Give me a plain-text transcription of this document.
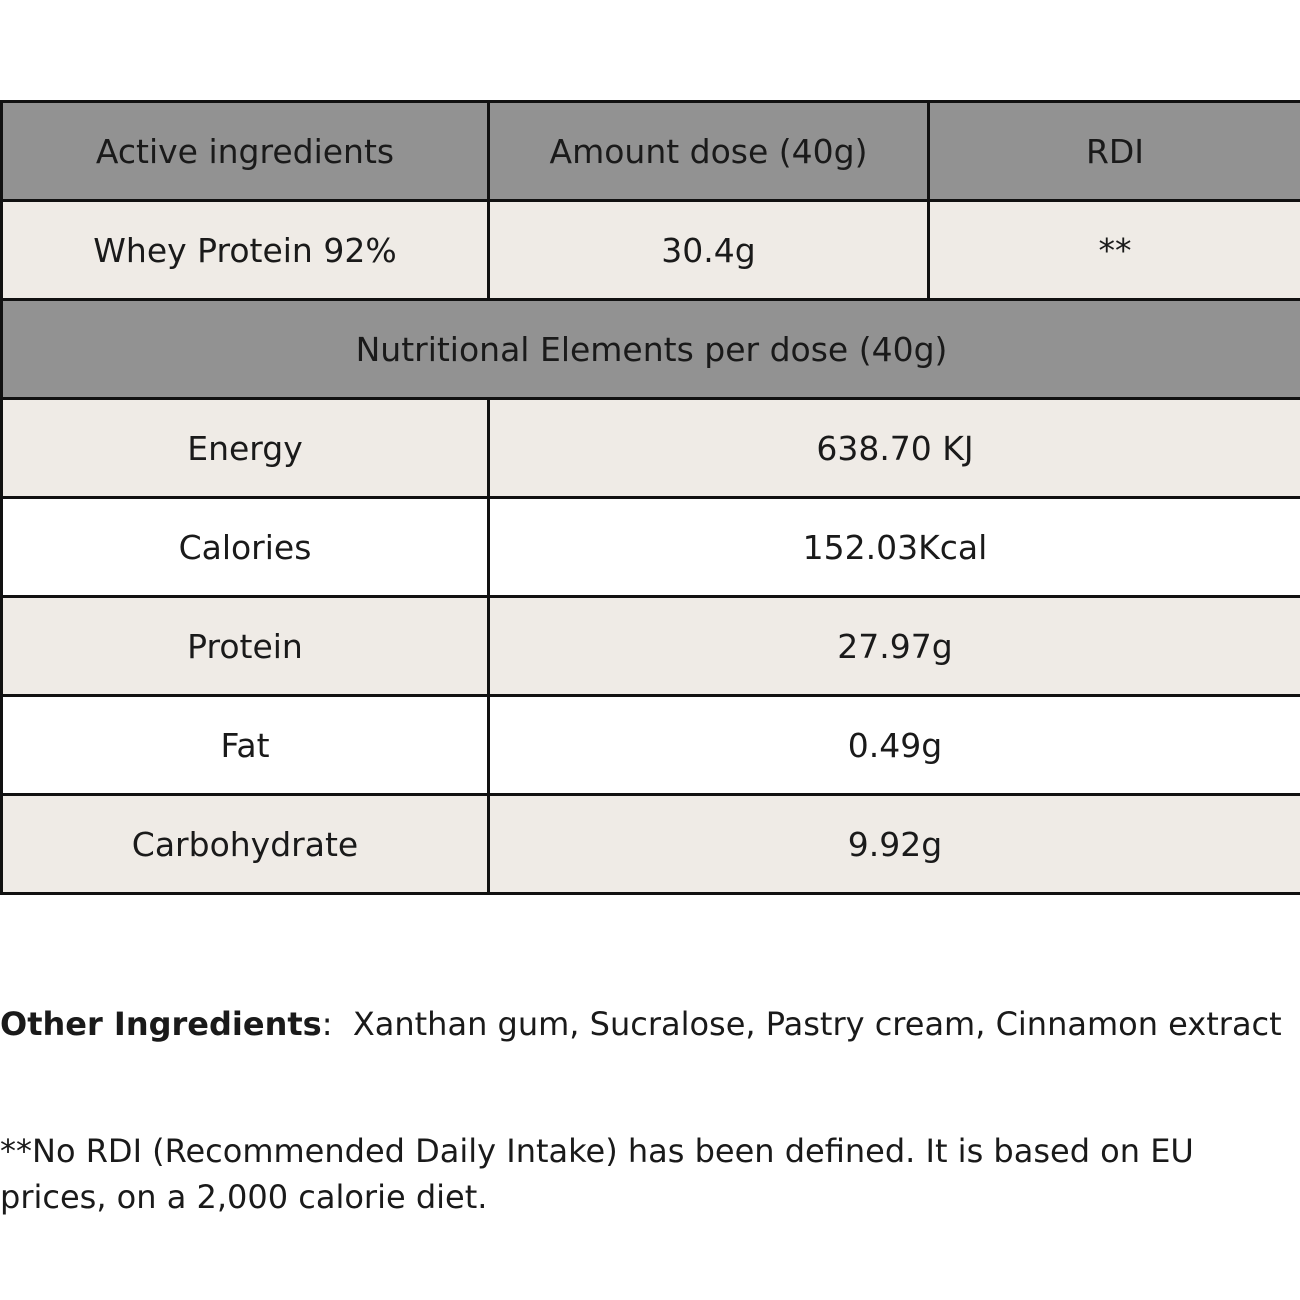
Active ingredients	Amount dose (40g)	RDI
Whey Protein 92%	30.4g	**
Nutritional Elements per dose (40g)		
Energy	638.70 KJ	
Calories	152.03Kcal	
Protein	27.97g	
Fat	0.49g	
Carbohydrate	9.92g	
Other Ingredients: Xanthan gum, Sucralose, Pastry cream, Cinnamon extract
**No RDI (Recommended Daily Intake) has been defined. It is based on EU prices, on a 2,000 calorie diet.
